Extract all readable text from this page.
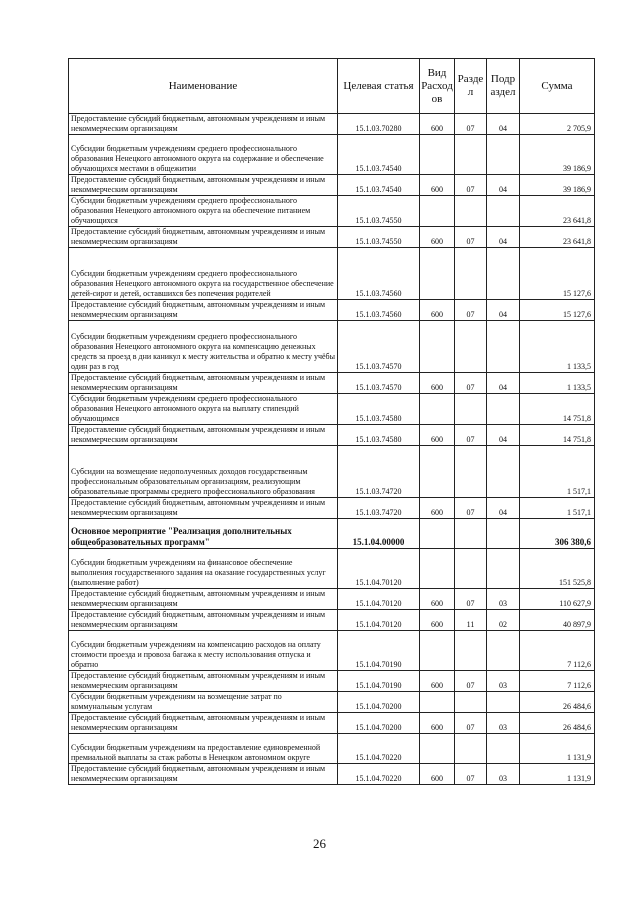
Наименование	Целевая статья	Вид Расход ов	Разде л	Подр аздел	Сумма
Предоставление субсидий бюджетным, автономным учреждениям и иным некоммерческим организациям	15.1.03.70280	600	07	04	2 705,9
Субсидии бюджетным учреждениям среднего профессионального образования Ненецкого автономного округа на содержание и обеспечение обучающихся местами в общежитии	15.1.03.74540				39 186,9
Предоставление субсидий бюджетным, автономным учреждениям и иным некоммерческим организациям	15.1.03.74540	600	07	04	39 186,9
Субсидии бюджетным учреждениям среднего профессионального образования Ненецкого автономного округа на обеспечение питанием обучающихся	15.1.03.74550				23 641,8
Предоставление субсидий бюджетным, автономным учреждениям и иным некоммерческим организациям	15.1.03.74550	600	07	04	23 641,8
Субсидии бюджетным учреждениям среднего профессионального образования Ненецкого автономного округа на государственное обеспечение детей-сирот и детей, оставшихся без попечения родителей	15.1.03.74560				15 127,6
Предоставление субсидий бюджетным, автономным учреждениям и иным некоммерческим организациям	15.1.03.74560	600	07	04	15 127,6
Субсидии бюджетным учреждениям среднего профессионального образования Ненецкого автономного округа на компенсацию денежных средств за проезд в дни каникул к месту жительства и обратно к месту учёбы один раз в год	15.1.03.74570				1 133,5
Предоставление субсидий бюджетным, автономным учреждениям и иным некоммерческим организациям	15.1.03.74570	600	07	04	1 133,5
Субсидии бюджетным учреждениям среднего профессионального образования Ненецкого автономного округа на выплату стипендий обучающимся	15.1.03.74580				14 751,8
Предоставление субсидий бюджетным, автономным учреждениям и иным некоммерческим организациям	15.1.03.74580	600	07	04	14 751,8
Субсидии на возмещение недополученных доходов государственным профессиональным образовательным организациям, реализующим образовательные программы среднего профессионального образования	15.1.03.74720				1 517,1
Предоставление субсидий бюджетным, автономным учреждениям и иным некоммерческим организациям	15.1.03.74720	600	07	04	1 517,1
Основное мероприятие "Реализация дополнительных общеобразовательных программ"	15.1.04.00000				306 380,6
Субсидии бюджетным учреждениям на финансовое обеспечение выполнения государственного задания на оказание государственных услуг (выполнение работ)	15.1.04.70120				151 525,8
Предоставление субсидий бюджетным, автономным учреждениям и иным некоммерческим организациям	15.1.04.70120	600	07	03	110 627,9
Предоставление субсидий бюджетным, автономным учреждениям и иным некоммерческим организациям	15.1.04.70120	600	11	02	40 897,9
Субсидии бюджетным учреждениям на компенсацию расходов на оплату стоимости проезда и провоза багажа к месту использования отпуска и обратно	15.1.04.70190				7 112,6
Предоставление субсидий бюджетным, автономным учреждениям и иным некоммерческим организациям	15.1.04.70190	600	07	03	7 112,6
Субсидии бюджетным учреждениям на возмещение затрат по коммунальным услугам	15.1.04.70200				26 484,6
Предоставление субсидий бюджетным, автономным учреждениям и иным некоммерческим организациям	15.1.04.70200	600	07	03	26 484,6
Субсидии бюджетным учреждениям на предоставление единовременной премиальной выплаты за стаж работы в Ненецком автономном округе	15.1.04.70220				1 131,9
Предоставление субсидий бюджетным, автономным учреждениям и иным некоммерческим организациям	15.1.04.70220	600	07	03	1 131,9
26
